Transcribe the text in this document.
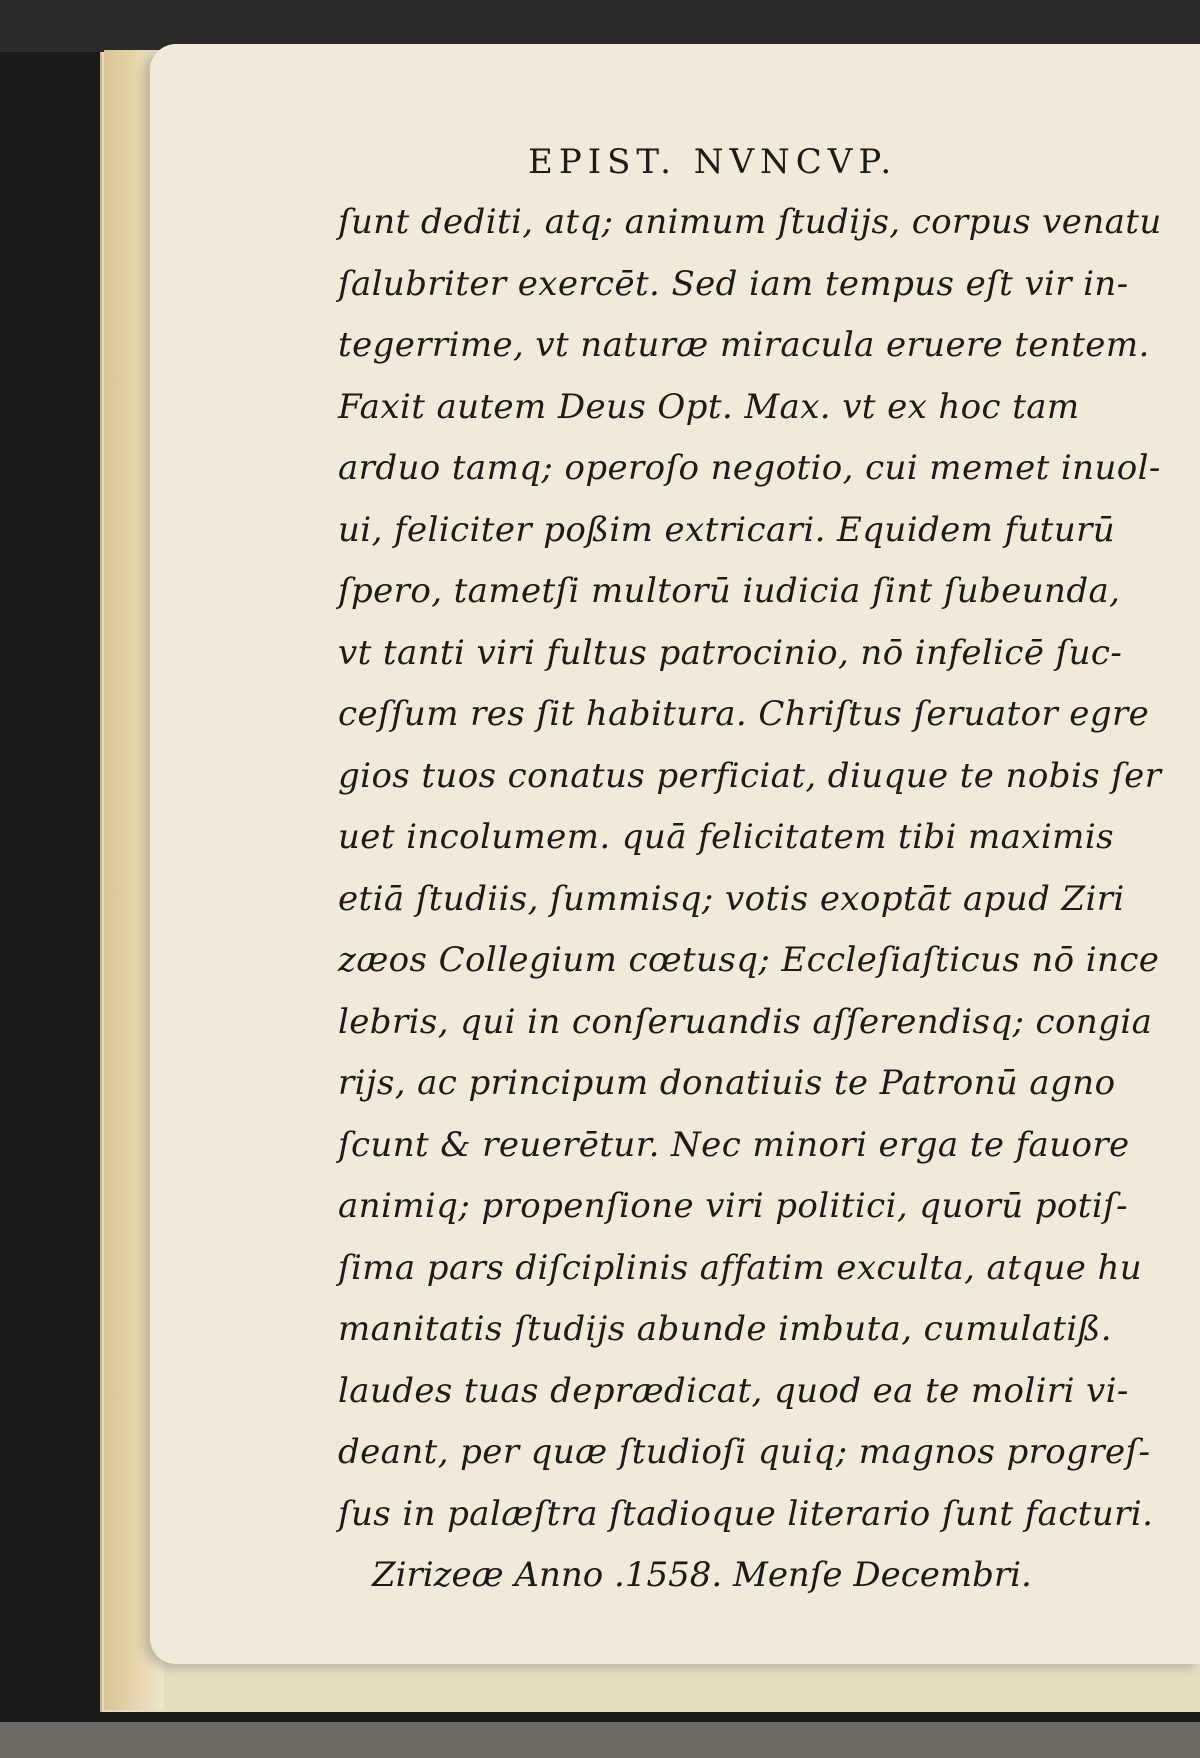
EPIST. NVNCVP.

ſunt dediti, atq; animum ſtudijs, corpus venatu

ſalubriter exercēt. Sed iam tempus eſt vir in-

tegerrime, vt naturæ miracula eruere tentem.

Faxit autem Deus Opt. Max. vt ex hoc tam

arduo tamq; operoſo negotio, cui memet inuol-

ui, feliciter poßim extricari. Equidem futurū

ſpero, tametſi multorū iudicia ſint ſubeunda,

vt tanti viri fultus patrocinio, nō infelicē ſuc-

ceſſum res ſit habitura. Chriſtus ſeruator egre

gios tuos conatus perficiat, diuque te nobis ſer

uet incolumem. quā felicitatem tibi maximis

etiā ſtudiis, ſummisq; votis exoptāt apud Ziri

zæos Collegium cœtusq; Eccleſiaſticus nō ince

lebris, qui in conſeruandis aſſerendisq; congia

rijs, ac principum donatiuis te Patronū agno

ſcunt & reuerētur. Nec minori erga te fauore

animiq; propenſione viri politici, quorū potiſ-

ſima pars diſciplinis affatim exculta, atque hu

manitatis ſtudijs abunde imbuta, cumulatiß.

laudes tuas deprædicat, quod ea te moliri vi-

deant, per quæ ſtudioſi quiq; magnos progreſ-

ſus in palæſtra ſtadioque literario ſunt facturi.

Zirizeæ Anno .1558. Menſe Decembri.
